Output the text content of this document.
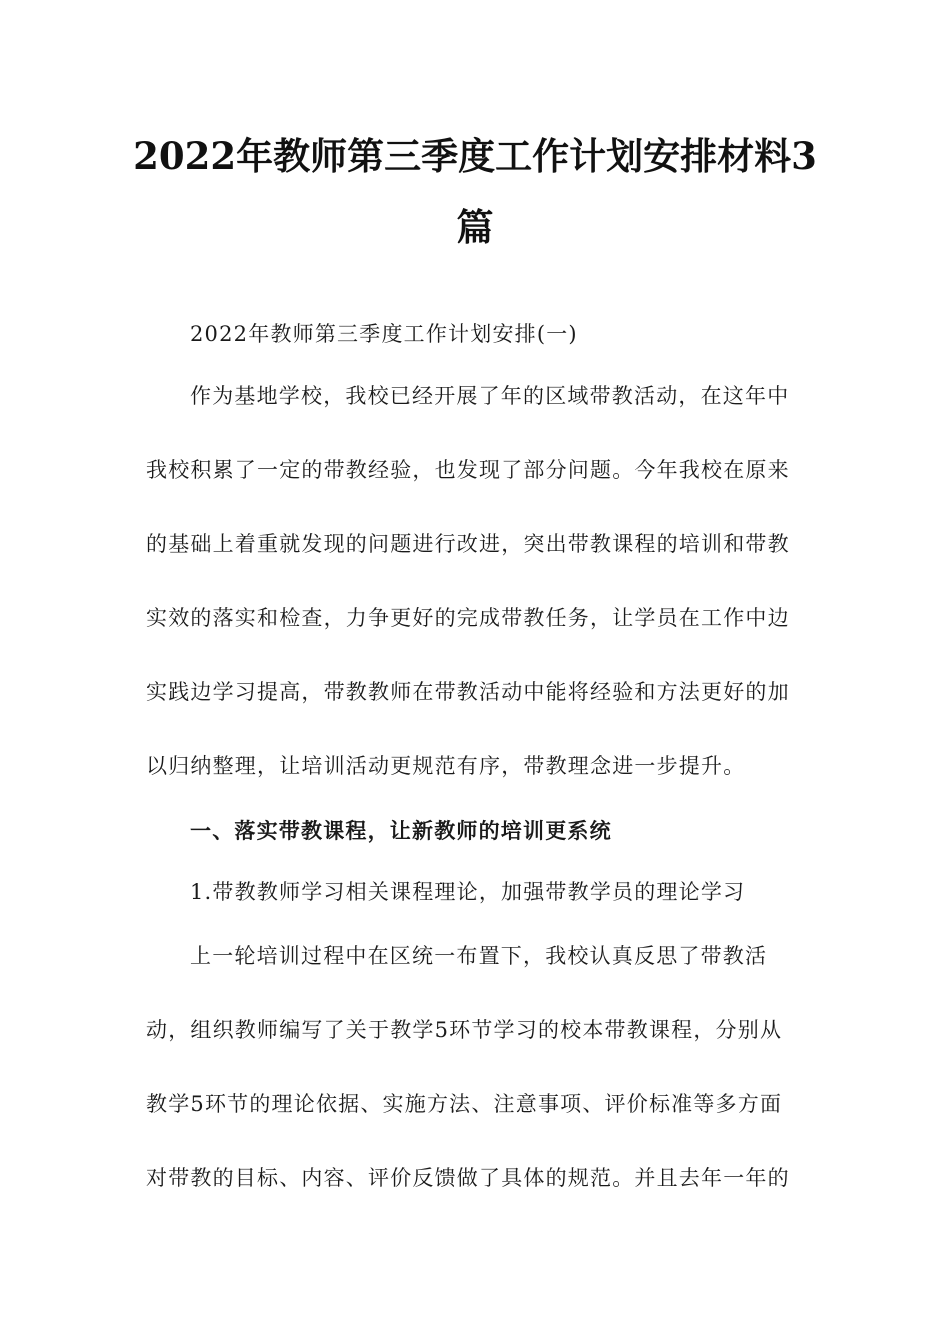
2022年教师第三季度工作计划安排材料3
篇
2022年教师第三季度工作计划安排(一)
作为基地学校，我校已经开展了年的区域带教活动，在这年中
我校积累了一定的带教经验，也发现了部分问题。今年我校在原来
的基础上着重就发现的问题进行改进，突出带教课程的培训和带教
实效的落实和检查，力争更好的完成带教任务，让学员在工作中边
实践边学习提高，带教教师在带教活动中能将经验和方法更好的加
以归纳整理，让培训活动更规范有序，带教理念进一步提升。
一、落实带教课程，让新教师的培训更系统
1.带教教师学习相关课程理论，加强带教学员的理论学习
上一轮培训过程中在区统一布置下，我校认真反思了带教活
动，组织教师编写了关于教学5环节学习的校本带教课程，分别从
教学5环节的理论依据、实施方法、注意事项、评价标准等多方面
对带教的目标、内容、评价反馈做了具体的规范。并且去年一年的
